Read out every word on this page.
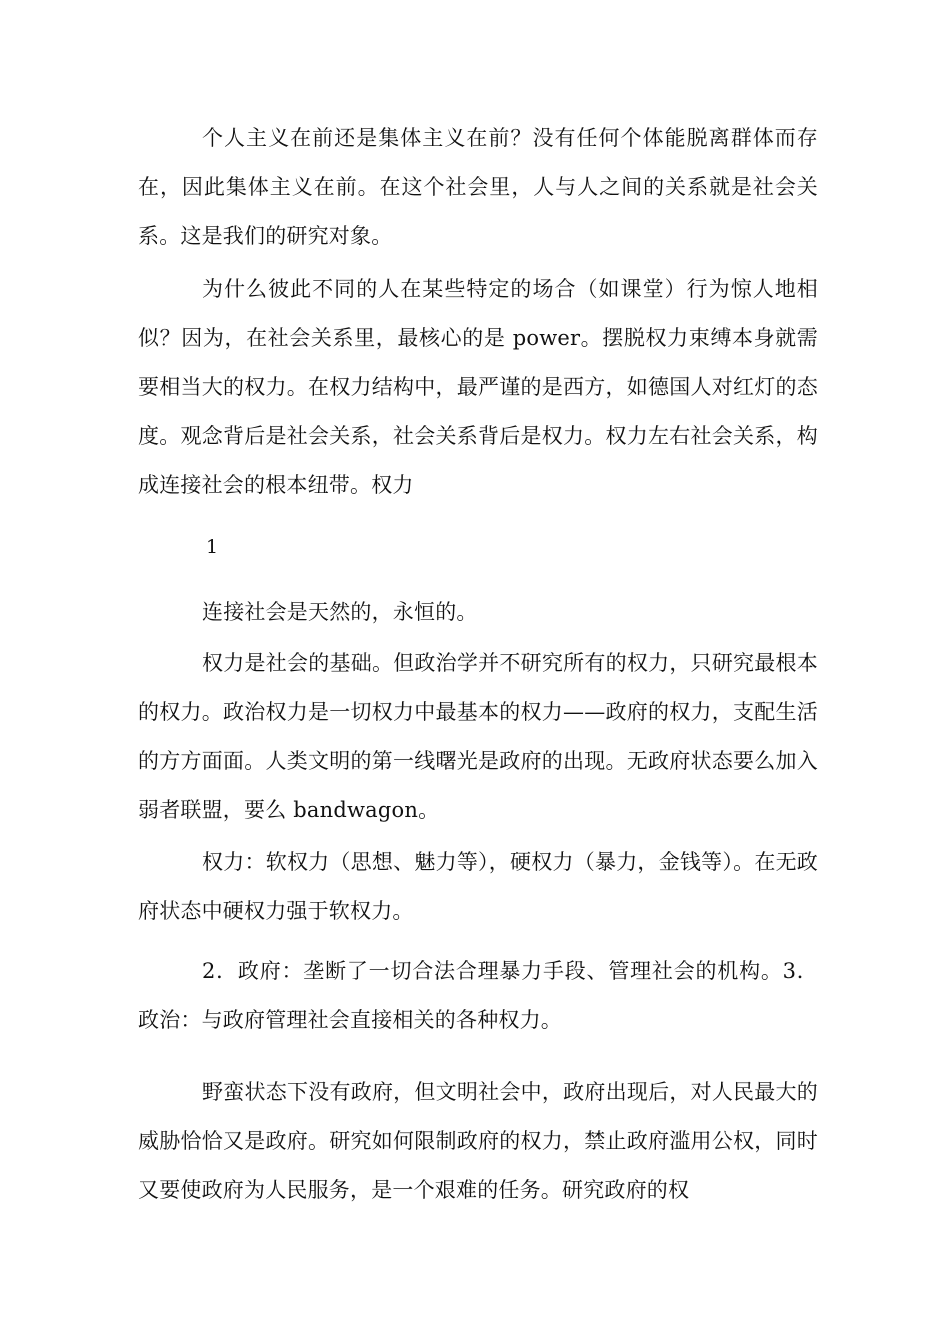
个人主义在前还是集体主义在前？没有任何个体能脱离群体而存在，因此集体主义在前。在这个社会里，人与人之间的关系就是社会关系。这是我们的研究对象。

为什么彼此不同的人在某些特定的场合（如课堂）行为惊人地相似？因为，在社会关系里，最核心的是 power。摆脱权力束缚本身就需要相当大的权力。在权力结构中，最严谨的是西方，如德国人对红灯的态度。观念背后是社会关系，社会关系背后是权力。权力左右社会关系，构成连接社会的根本纽带。权力

1

连接社会是天然的，永恒的。

权力是社会的基础。但政治学并不研究所有的权力，只研究最根本的权力。政治权力是一切权力中最基本的权力——政府的权力，支配生活的方方面面。人类文明的第一线曙光是政府的出现。无政府状态要么加入弱者联盟，要么 bandwagon。

权力：软权力（思想、魅力等），硬权力（暴力，金钱等）。在无政府状态中硬权力强于软权力。

2．政府：垄断了一切合法合理暴力手段、管理社会的机构。3．政治：与政府管理社会直接相关的各种权力。

野蛮状态下没有政府，但文明社会中，政府出现后，对人民最大的威胁恰恰又是政府。研究如何限制政府的权力，禁止政府滥用公权，同时又要使政府为人民服务，是一个艰难的任务。研究政府的权
